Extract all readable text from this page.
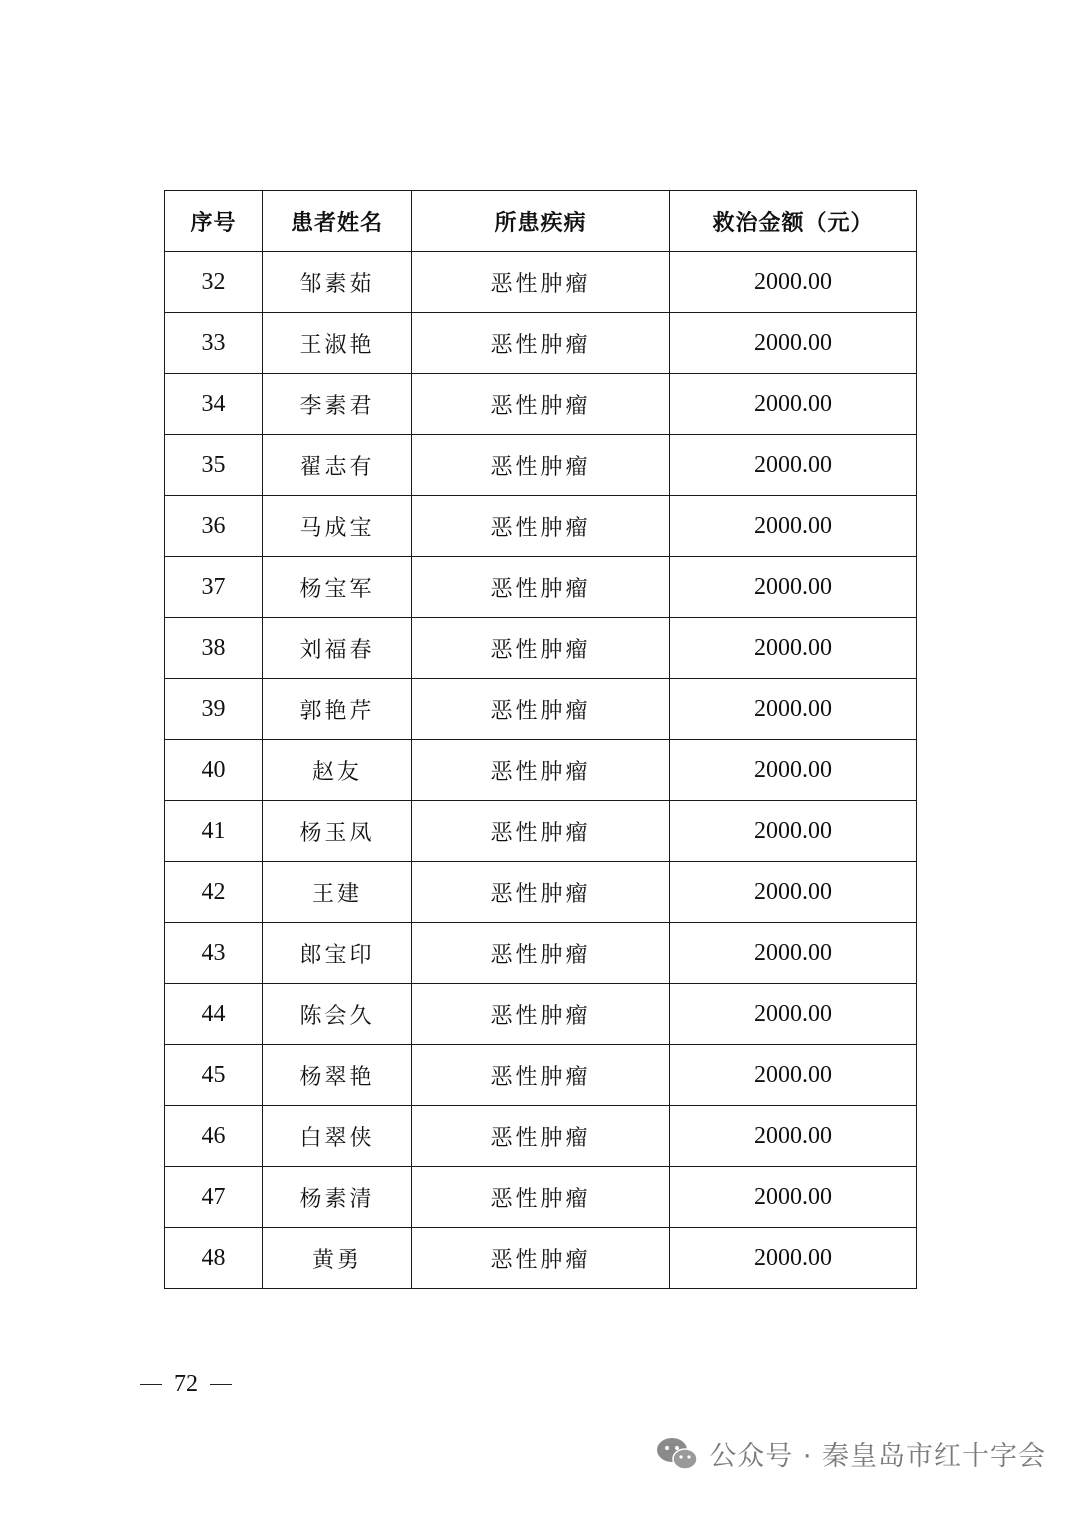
序号	患者姓名	所患疾病	救治金额（元）
32	邹素茹	恶性肿瘤	2000.00
33	王淑艳	恶性肿瘤	2000.00
34	李素君	恶性肿瘤	2000.00
35	翟志有	恶性肿瘤	2000.00
36	马成宝	恶性肿瘤	2000.00
37	杨宝军	恶性肿瘤	2000.00
38	刘福春	恶性肿瘤	2000.00
39	郭艳芹	恶性肿瘤	2000.00
40	赵友	恶性肿瘤	2000.00
41	杨玉凤	恶性肿瘤	2000.00
42	王建	恶性肿瘤	2000.00
43	郎宝印	恶性肿瘤	2000.00
44	陈会久	恶性肿瘤	2000.00
45	杨翠艳	恶性肿瘤	2000.00
46	白翠侠	恶性肿瘤	2000.00
47	杨素清	恶性肿瘤	2000.00
48	黄勇	恶性肿瘤	2000.00
72
公众号 · 秦皇岛市红十字会
